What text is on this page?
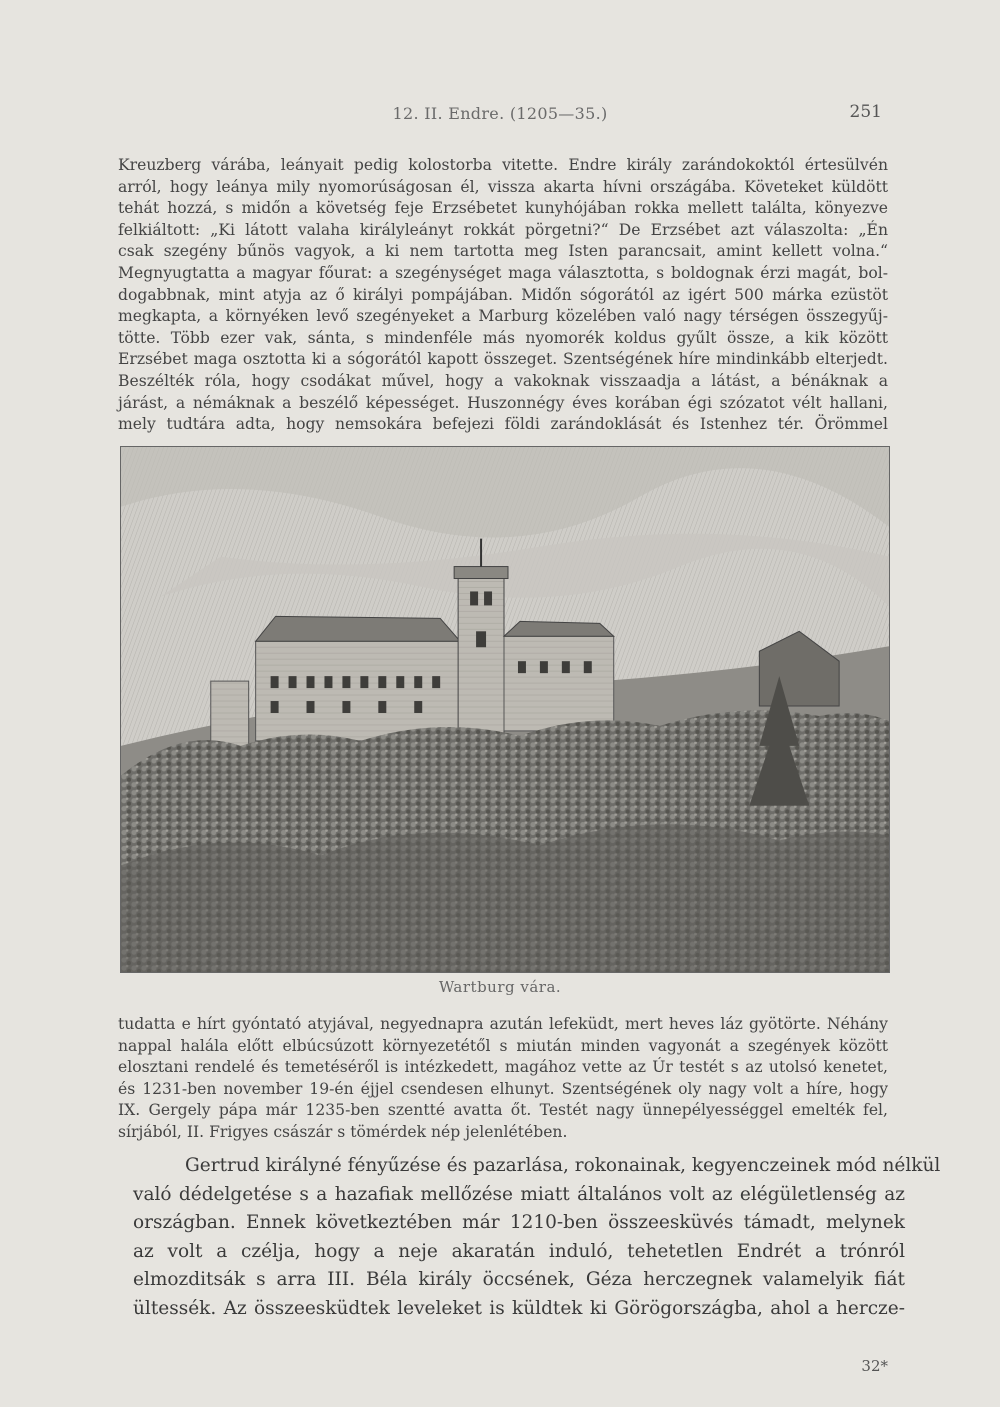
12. II. Endre. (1205—35.)	251
Kreuzberg várába, leányait pedig kolostorba vitette. Endre király zarándokoktól értesülvén
arról, hogy leánya mily nyomorúságosan él, vissza akarta hívni országába. Követeket küldött
tehát hozzá, s midőn a követség feje Erzsébetet kunyhójában rokka mellett találta, könyezve
felkiáltott: „Ki látott valaha királyleányt rokkát pörgetni?“ De Erzsébet azt válaszolta: „Én
csak szegény bűnös vagyok, a ki nem tartotta meg Isten parancsait, amint kellett volna.“
Megnyugtatta a magyar főurat: a szegénységet maga választotta, s boldognak érzi magát, bol-
dogabbnak, mint atyja az ő királyi pompájában. Midőn sógorától az igért 500 márka ezüstöt
megkapta, a környéken levő szegényeket a Marburg közelében való nagy térségen összegyűj-
tötte. Több ezer vak, sánta, s mindenféle más nyomorék koldus gyűlt össze, a kik között
Erzsébet maga osztotta ki a sógorától kapott összeget. Szentségének híre mindinkább elterjedt.
Beszélték róla, hogy csodákat művel, hogy a vakoknak visszaadja a látást, a bénáknak a
járást, a némáknak a beszélő képességet. Huszonnégy éves korában égi szózatot vélt hallani,
mely tudtára adta, hogy nemsokára befejezi földi zarándoklását és Istenhez tér. Örömmel
Wartburg vára.
tudatta e hírt gyóntató atyjával, negyednapra azután lefeküdt, mert heves láz gyötörte. Néhány
nappal halála előtt elbúcsúzott környezetétől s miután minden vagyonát a szegények között
elosztani rendelé és temetéséről is intézkedett, magához vette az Úr testét s az utolsó kenetet,
és 1231-ben november 19-én éjjel csendesen elhunyt. Szentségének oly nagy volt a híre, hogy
IX. Gergely pápa már 1235-ben szentté avatta őt. Testét nagy ünnepélyességgel emelték fel,
sírjából, II. Frigyes császár s tömérdek nép jelenlétében.
Gertrud királyné fényűzése és pazarlása, rokonainak, kegyenczeinek mód nélkül
való dédelgetése s a hazafiak mellőzése miatt általános volt az elégületlenség az
országban. Ennek következtében már 1210-ben összeesküvés támadt, melynek
az volt a czélja, hogy a neje akaratán induló, tehetetlen Endrét a trónról
elmozditsák s arra III. Béla király öccsének, Géza herczegnek valamelyik fiát
ültessék. Az összeesküdtek leveleket is küldtek ki Görögországba, ahol a hercze-
32*
